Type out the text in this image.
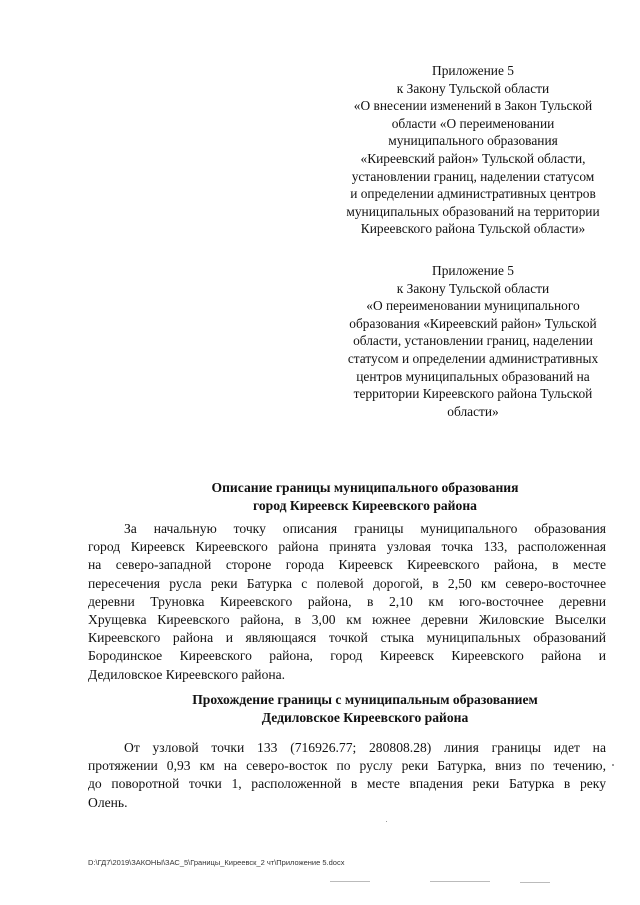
Приложение 5
к Закону Тульской области
«О внесении изменений в Закон Тульской
области «О переименовании
муниципального образования
«Киреевский район» Тульской области,
установлении границ, наделении статусом
и определении административных центров
муниципальных образований на территории
Киреевского района Тульской области»
Приложение 5
к Закону Тульской области
«О переименовании муниципального
образования «Киреевский район» Тульской
области, установлении границ, наделении
статусом и определении административных
центров муниципальных образований на
территории Киреевского района Тульской
области»
Описание границы муниципального образования
город Киреевск Киреевского района
За начальную точку описания границы муниципального образования
город Киреевск Киреевского района принята узловая точка 133, расположенная
на северо-западной стороне города Киреевск Киреевского района, в месте
пересечения русла реки Батурка с полевой дорогой, в 2,50 км северо-восточнее
деревни Труновка Киреевского района, в 2,10 км юго-восточнее деревни
Хрущевка Киреевского района, в 3,00 км южнее деревни Жиловские Выселки
Киреевского района и являющаяся точкой стыка муниципальных образований
Бородинское Киреевского района, город Киреевск Киреевского района и
Дедиловское Киреевского района.
Прохождение границы с муниципальным образованием
Дедиловское Киреевского района
От узловой точки 133 (716926.77; 280808.28) линия границы идет на
протяжении 0,93 км на северо-восток по руслу реки Батурка, вниз по течению,
до поворотной точки 1, расположенной в месте впадения реки Батурка в реку
Олень.
D:\ГД7\2019\ЗАКОНЫ\ЗАС_5\Границы_Киреевск_2 чт\Приложение 5.docx
